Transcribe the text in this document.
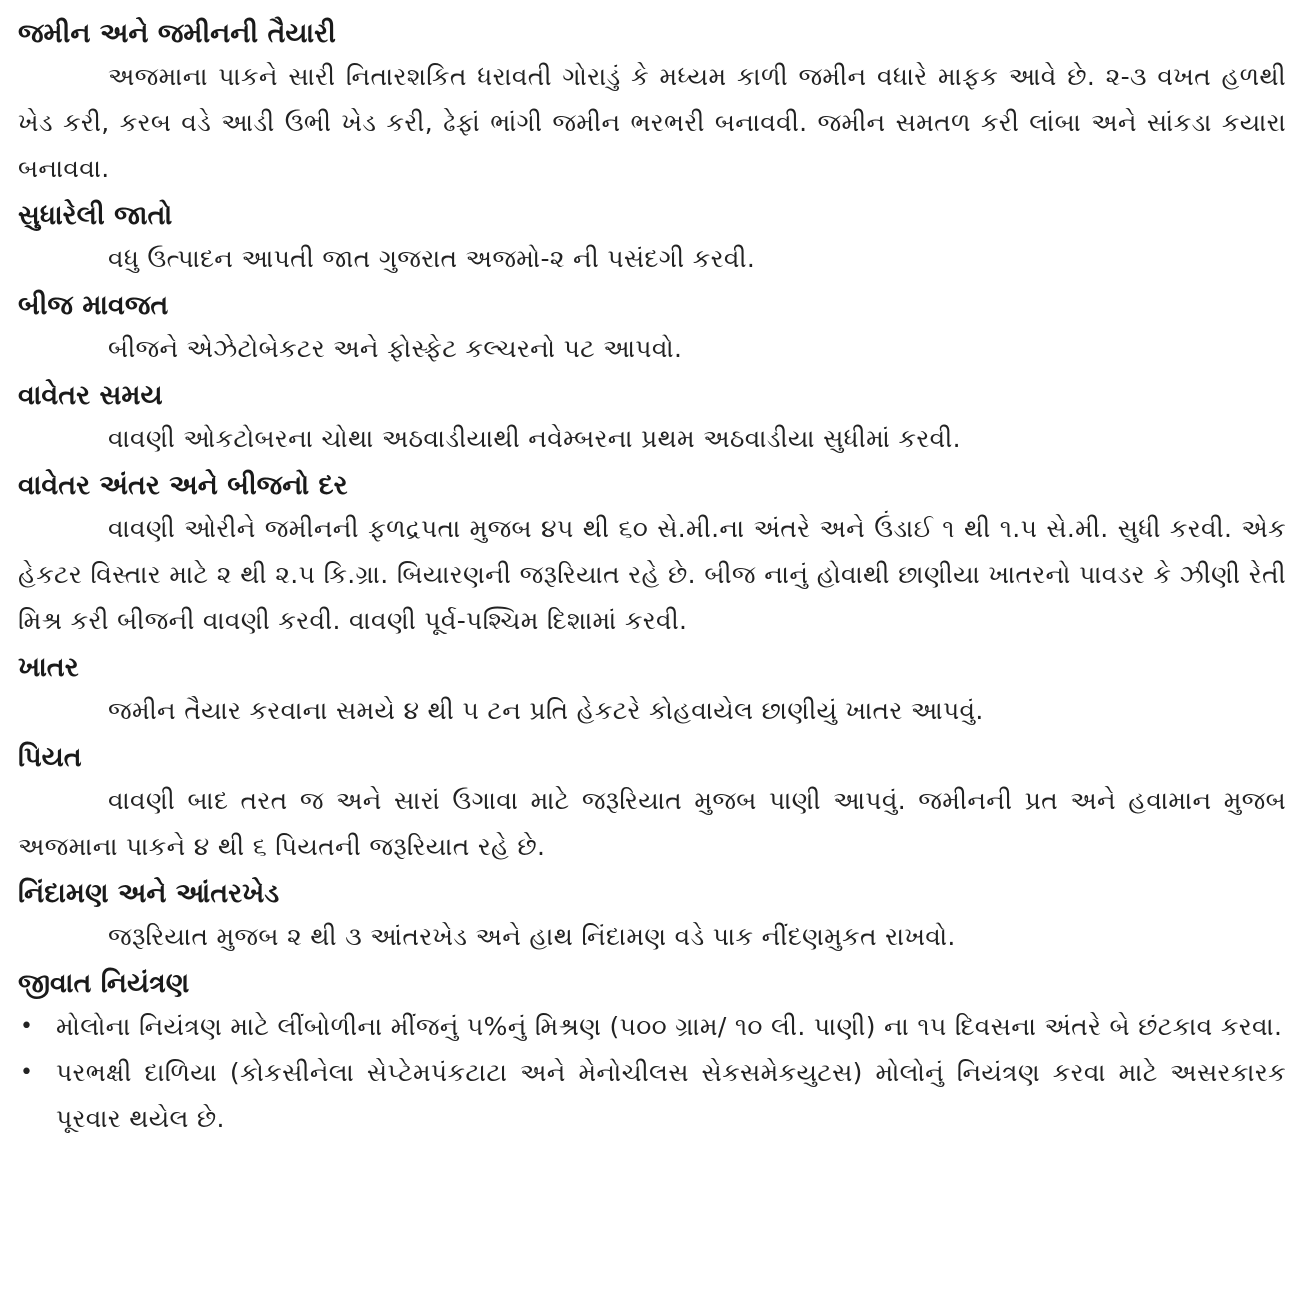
જમીન અને જમીનની તૈયારી

અજમાના પાકને સારી નિતારશકિત ધરાવતી ગોરાડું કે મધ્યમ કાળી જમીન વધારે માફક આવે છે. ૨-૩ વખત હળથી ખેડ કરી, કરબ વડે આડી ઉભી ખેડ કરી, ઢેફાં ભાંગી જમીન ભરભરી બનાવવી. જમીન સમતળ કરી લાંબા અને સાંકડા કયારા બનાવવા.

સુધારેલી જાતો

વધુ ઉત્પાદન આપતી જાત ગુજરાત અજમો-૨ ની પસંદગી કરવી.

બીજ માવજત

બીજને એઝેટોબેકટર અને ફોસ્ફેટ કલ્ચરનો પટ આપવો.

વાવેતર સમય

વાવણી ઓકટોબરના ચોથા અઠવાડીયાથી નવેમ્બરના પ્રથમ અઠવાડીયા સુધીમાં કરવી.

વાવેતર અંતર અને બીજનો દર

વાવણી ઓરીને જમીનની ફળદ્રપતા મુજબ ૪૫ થી ૬૦ સે.મી.ના અંતરે અને ઉંડાઈ ૧ થી ૧.૫ સે.મી. સુધી કરવી. એક હેકટર વિસ્તાર માટે ૨ થી ૨.૫ કિ.ગ્રા. બિયારણની જરૂરિયાત રહે છે. બીજ નાનું હોવાથી છાણીયા ખાતરનો પાવડર કે ઝીણી રેતી મિશ્ર કરી બીજની વાવણી કરવી. વાવણી પૂર્વ-પશ્ચિમ દિશામાં કરવી.

ખાતર

જમીન તૈયાર કરવાના સમયે ૪ થી ૫ ટન પ્રતિ હેકટરે કોહવાયેલ છાણીયું ખાતર આપવું.

પિયત

વાવણી બાદ તરત જ અને સારાં ઉગાવા માટે જરૂરિયાત મુજબ પાણી આપવું. જમીનની પ્રત અને હવામાન મુજબ અજમાના પાકને ૪ થી ૬ પિયતની જરૂરિયાત રહે છે.

નિંદામણ અને આંતરખેડ

જરૂરિયાત મુજબ ૨ થી ૩ આંતરખેડ અને હાથ નિંદામણ વડે પાક નીંદણમુકત રાખવો.

જીવાત નિયંત્રણ
• મોલોના નિયંત્રણ માટે લીંબોળીના મીંજનું ૫%નું મિશ્રણ (૫૦૦ ગ્રામ/ ૧૦ લી. પાણી) ના ૧૫ દિવસના અંતરે બે છંટકાવ કરવા.
• પરભક્ષી દાળિયા (કોકસીનેલા સેપ્ટેમપંકટાટા અને મેનોચીલસ સેકસમેકયુટસ) મોલોનું નિયંત્રણ કરવા માટે અસરકારક પૂરવાર થયેલ છે.
